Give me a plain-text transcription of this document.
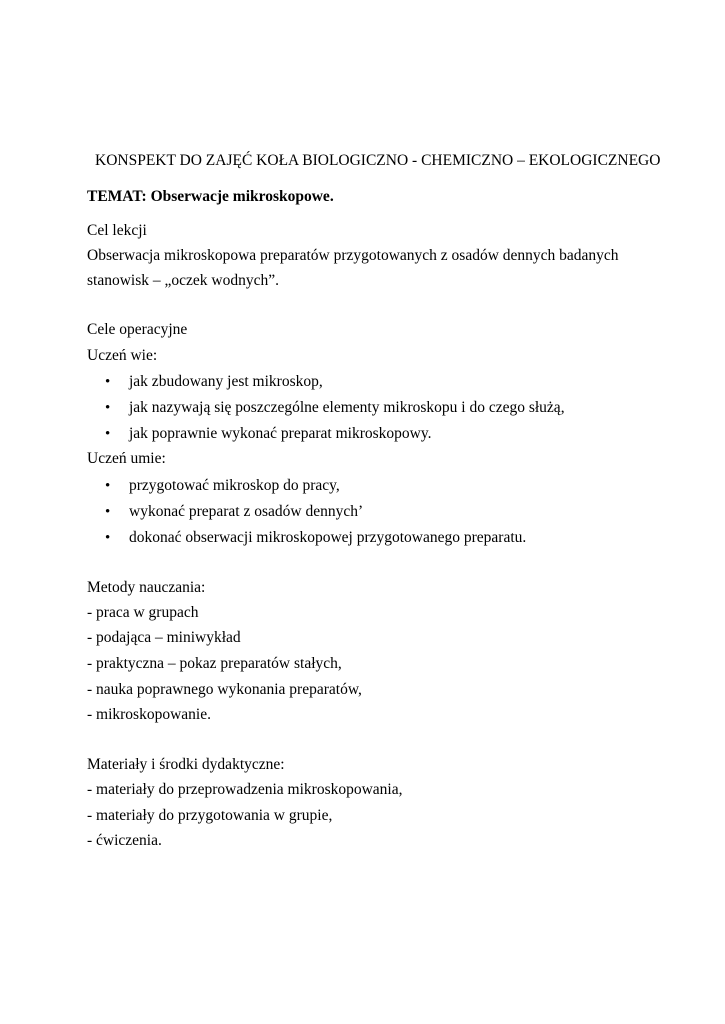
KONSPEKT DO ZAJĘĆ KOŁA BIOLOGICZNO - CHEMICZNO – EKOLOGICZNEGO
TEMAT: Obserwacje mikroskopowe.
Cel lekcji
Obserwacja mikroskopowa preparatów przygotowanych z osadów dennych badanych
stanowisk – „oczek wodnych”.
Cele operacyjne
Uczeń wie:
• jak zbudowany jest mikroskop,
• jak nazywają się poszczególne elementy mikroskopu i do czego służą,
• jak poprawnie wykonać preparat mikroskopowy.
Uczeń umie:
• przygotować mikroskop do pracy,
• wykonać preparat z osadów dennych’
• dokonać obserwacji mikroskopowej przygotowanego preparatu.
Metody nauczania:
- praca w grupach
- podająca – miniwykład
- praktyczna – pokaz preparatów stałych,
- nauka poprawnego wykonania preparatów,
- mikroskopowanie.
Materiały i środki dydaktyczne:
- materiały do przeprowadzenia mikroskopowania,
- materiały do przygotowania w grupie,
- ćwiczenia.
